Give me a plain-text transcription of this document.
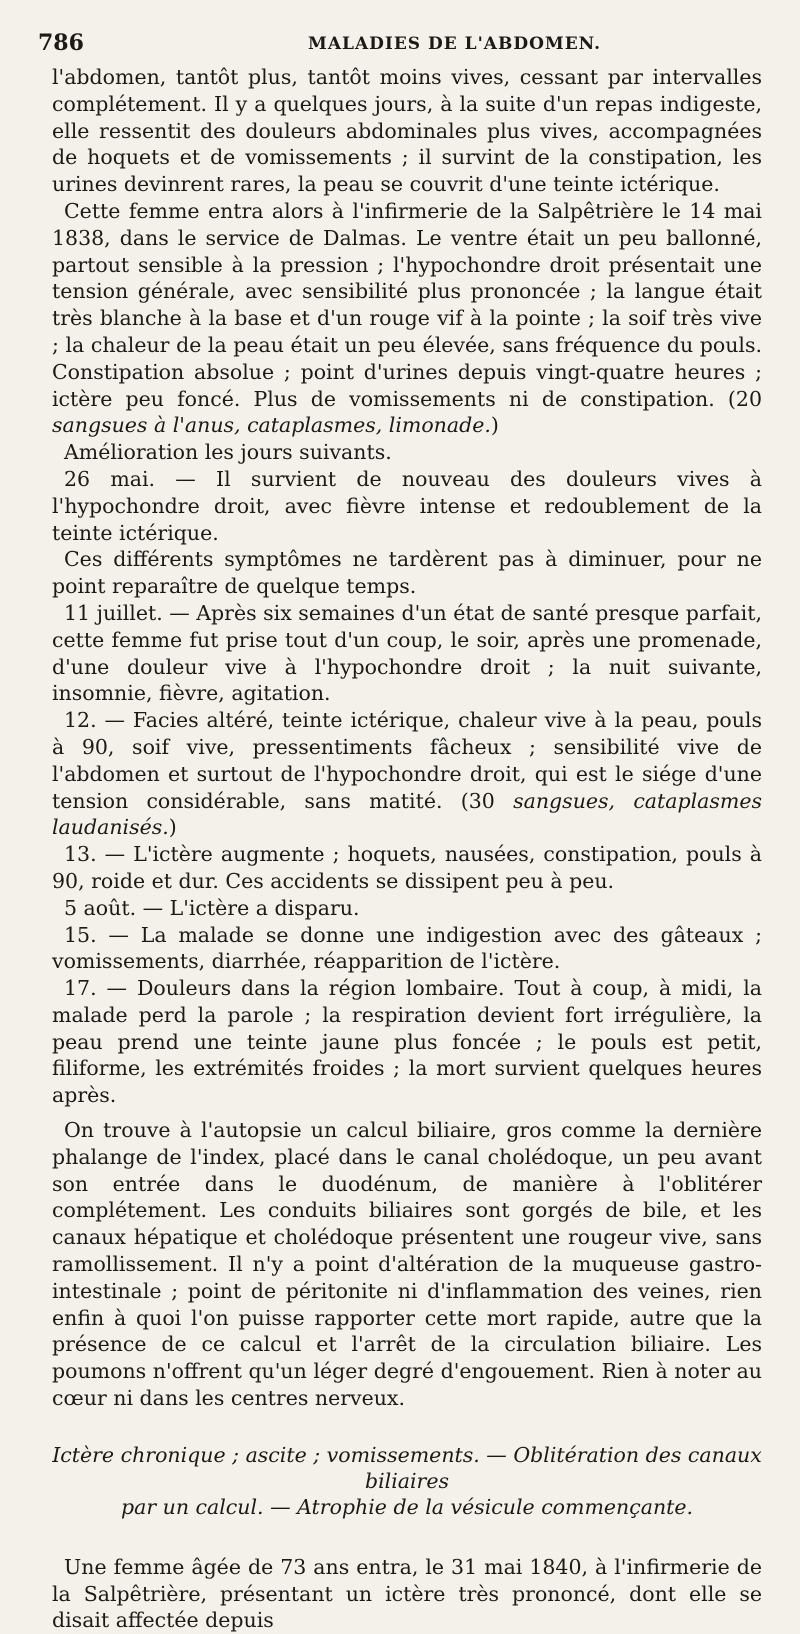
786	MALADIES DE L'ABDOMEN.

l'abdomen, tantôt plus, tantôt moins vives, cessant par intervalles complétement. Il y a quelques jours, à la suite d'un repas indigeste, elle ressentit des douleurs abdominales plus vives, accompagnées de hoquets et de vomissements ; il survint de la constipation, les urines devinrent rares, la peau se couvrit d'une teinte ictérique.

Cette femme entra alors à l'infirmerie de la Salpêtrière le 14 mai 1838, dans le service de Dalmas. Le ventre était un peu ballonné, partout sensible à la pression ; l'hypochondre droit présentait une tension générale, avec sensibilité plus prononcée ; la langue était très blanche à la base et d'un rouge vif à la pointe ; la soif très vive ; la chaleur de la peau était un peu élevée, sans fréquence du pouls. Constipation absolue ; point d'urines depuis vingt-quatre heures ; ictère peu foncé. Plus de vomissements ni de constipation. (20 sangsues à l'anus, cataplasmes, limonade.)

Amélioration les jours suivants.

26 mai. — Il survient de nouveau des douleurs vives à l'hypochondre droit, avec fièvre intense et redoublement de la teinte ictérique.

Ces différents symptômes ne tardèrent pas à diminuer, pour ne point reparaître de quelque temps.

11 juillet. — Après six semaines d'un état de santé presque parfait, cette femme fut prise tout d'un coup, le soir, après une promenade, d'une douleur vive à l'hypochondre droit ; la nuit suivante, insomnie, fièvre, agitation.

12. — Facies altéré, teinte ictérique, chaleur vive à la peau, pouls à 90, soif vive, pressentiments fâcheux ; sensibilité vive de l'abdomen et surtout de l'hypochondre droit, qui est le siége d'une tension considérable, sans matité. (30 sangsues, cataplasmes laudanisés.)

13. — L'ictère augmente ; hoquets, nausées, constipation, pouls à 90, roide et dur. Ces accidents se dissipent peu à peu.

5 août. — L'ictère a disparu.

15. — La malade se donne une indigestion avec des gâteaux ; vomissements, diarrhée, réapparition de l'ictère.

17. — Douleurs dans la région lombaire. Tout à coup, à midi, la malade perd la parole ; la respiration devient fort irrégulière, la peau prend une teinte jaune plus foncée ; le pouls est petit, filiforme, les extrémités froides ; la mort survient quelques heures après.

On trouve à l'autopsie un calcul biliaire, gros comme la dernière phalange de l'index, placé dans le canal cholédoque, un peu avant son entrée dans le duodénum, de manière à l'oblitérer complétement. Les conduits biliaires sont gorgés de bile, et les canaux hépatique et cholédoque présentent une rougeur vive, sans ramollissement. Il n'y a point d'altération de la muqueuse gastro-intestinale ; point de péritonite ni d'inflammation des veines, rien enfin à quoi l'on puisse rapporter cette mort rapide, autre que la présence de ce calcul et l'arrêt de la circulation biliaire. Les poumons n'offrent qu'un léger degré d'engouement. Rien à noter au cœur ni dans les centres nerveux.

Ictère chronique ; ascite ; vomissements. — Oblitération des canaux biliaires
par un calcul. — Atrophie de la vésicule commençante.

Une femme âgée de 73 ans entra, le 31 mai 1840, à l'infirmerie de la Salpêtrière, présentant un ictère très prononcé, dont elle se disait affectée depuis
